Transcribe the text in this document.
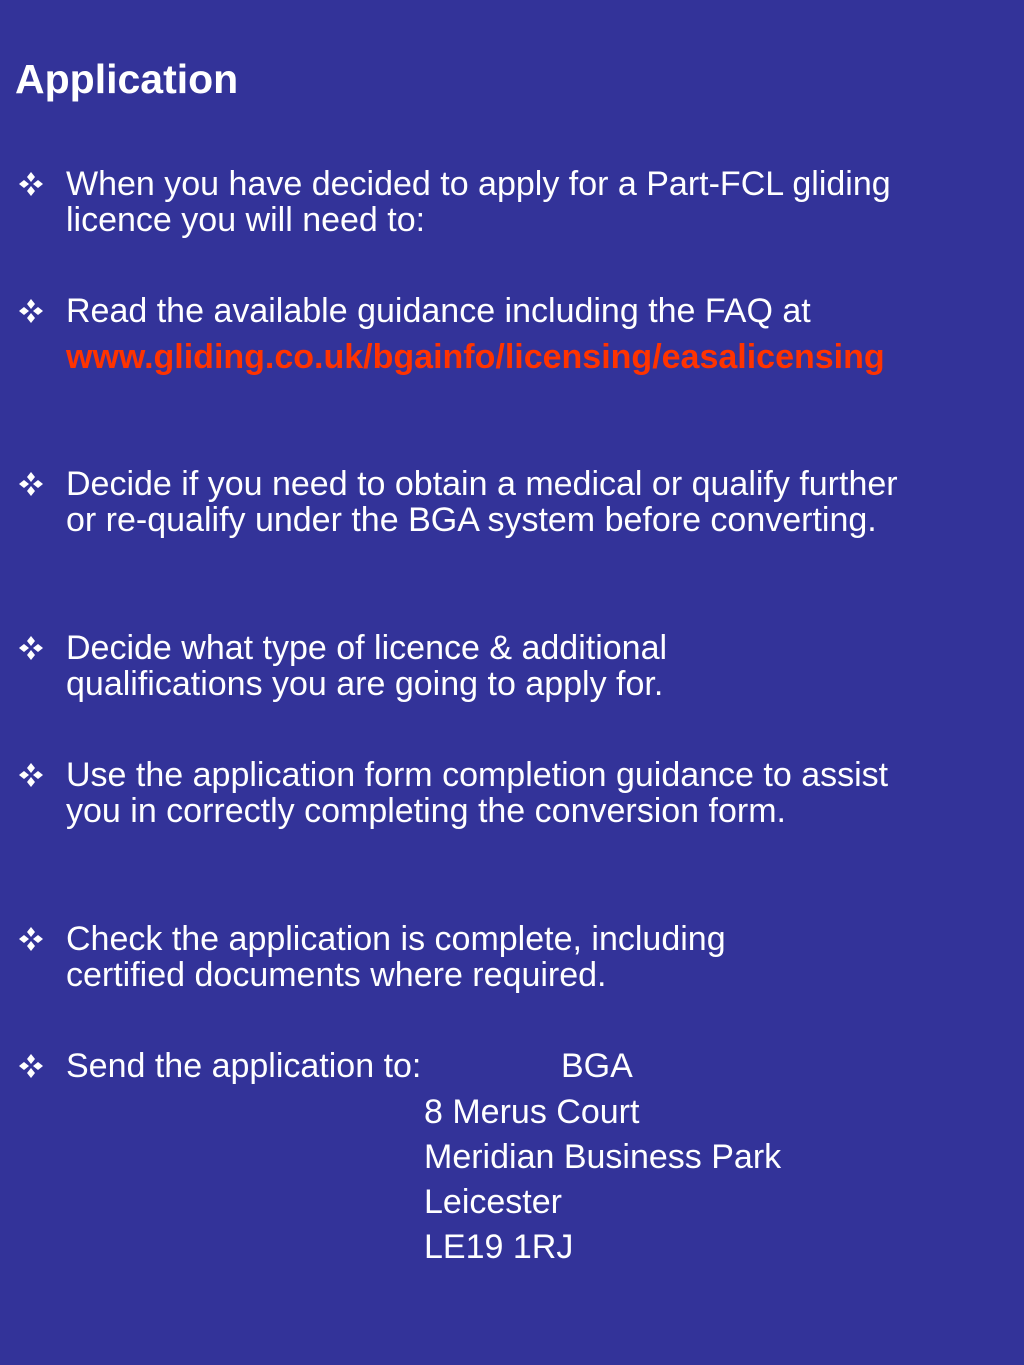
Application
When you have decided to apply for a Part-FCL gliding licence you will need to:
Read the available guidance including the FAQ at
www.gliding.co.uk/bgainfo/licensing/easalicensing
Decide if you need to obtain a medical or qualify further or re-qualify under the BGA system before converting.
Decide what type of licence & additional qualifications you are going to apply for.
Use the application form completion guidance to assist you in correctly completing the conversion form.
Check the application is complete, including certified documents where required.
Send the application to:	BGA
8 Merus Court
Meridian Business Park
Leicester
LE19 1RJ
